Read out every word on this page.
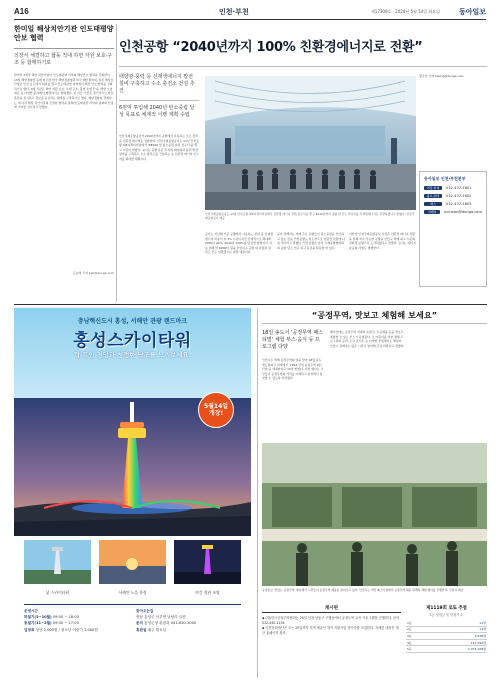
A16	인천·부천	제17309호 · 2024년 5월 14일 화요일	동아일보
한미일 해상치안기관 인도태평양 안보 협력
의장서 체결하고 협동 적대 하면 자원 보호·구조 등 함께하기로
한미일 3개국 해상 치안기관이 인도태평양 지역의 해상안보 협력을 강화한다. 13일 해양경찰청 등에 따르면 한국 해양경찰청과 미국 해안경비대, 일본 해상보안청은 인천 송도에서 회의를 열고 인도태평양 지역에서 해상 안보 협력을 강화하기로 했다. 3개 기관은 해양 자원 보호, 수색 구조, 불법 조업 단속, 해양 오염 대응 등 다양한 분야에서 협력하기로 합의했다. 또 이들 기관은 정기적으로 합동 훈련을 실시하고 정보를 공유하는 체계를 구축하기로 했다. 해양경찰청 관계자는 세 나라 해상 치안기관의 긴밀한 협력을 통해 인도태평양 지역의 평화와 안정에 기여할 것이라고 말했다.
공승배 기자 ksb@donga.com
인천공항 “2040년까지 100% 친환경에너지로 전환”

태양광·풍력 등 신재생에너지 발전 설비 구축하고 수소 충전소 건설 추진

6천억 투입해 2040년 탄소중립 달성 목표로 체계적 이행 계획 수립

인천국제공항공사는 13일 인천공항 제2여객터미널에서 친환경 에너지 전환 선포식을 열고 2040년까지 공항 내 모든 에너지를 신재생에너지로 전환하겠다고 밝혔다. 인천국제공항공사 제공
인천국제공항공사가 2040년까지 공항에서 사용하는 모든 전력을 친환경 에너지로 전환한다. 인천국제공항공사는 13일 인천공항 제2여객터미널에서 ‘RE100 및 탄소중립 비전 선포식’을 열고 이같이 밝혔다. 공사는 공항 유휴 부지에 태양광과 풍력 발전 설비를 구축하고 수소 충전소를 건설하는 등 친환경 에너지 인프라를 확대할 계획이다.
공사는 지난해 기준 공항에서 사용하는 전력 중 신재생에너지 비중이 약 3% 수준이지만 단계적으로 확대해 2030년 60%, 2040년 100%를 달성할 방침이다. 이를 위해 약 6000억 원을 투입하고 공항 내 차량과 장비도 모두 친환경으로 바꿀 예정이다.
공사 관계자는 세계 주요 공항들이 탄소중립을 선언하고 있는 만큼 인천공항도 선도적으로 친환경 전환에 나설 것이라고 말했다. 인천공항은 앞서 국제공항협의회의 공항 탄소 인증 최고 등급을 획득한 바 있다.
이학재 인천국제공항공사 사장은 친환경 에너지 전환을 통해 지속 가능한 공항을 만들고 세계 최고 수준의 친환경 공항으로 도약하겠다고 말했다. 공사는 에너지 효율화 사업도 병행한다.
황금찬 기자 hwang@donga.com
동아일보 인천·부천본부
편집·취재	032-437-1601
광고·판매	032-437-1602
팩스	032-437-1603
이메일	incheon@donga.com
충남혁신도시 홍성, 서해안 관광 랜드마크
홍성스카이타워
탁 트인 전망과 청정한 낙조를 느끼보세요.
5월14일
개장!
낮 스카이타워	서해안 노을 풍경	야간 경관 조명
운영시간
하절기(3~10월) 09:00 ~ 18:00
동절기(11~2월) 09:00 ~ 17:00
입장료 성인 2,000원 / 청소년·어린이 1,000원
찾아오는길
충남 홍성군 서부면 남당리 일원
문의 홍성군청 관광과 041-630-1000
휴관일 매주 월요일
“공정무역, 맛보고 체험해 보세요”

18일 송도서 ‘공정무역 페스티벌’ 체험 부스·음식 등 프로그램 다양

인천시는 세계 공정무역의 날을 맞아 18일 송도 센트럴파크 일대에서 ‘2024 인천 공정무역 페스티벌’을 개최한다고 13일 밝혔다. 이번 행사는 시민들이 공정무역의 가치를 이해하고 일상에서 실천할 수 있도록 마련됐다.
행사장에는 공정무역 커피와 초콜릿, 수공예품 등을 맛보고 체험할 수 있는 부스가 운영된다. 또 어린이를 위한 체험 프로그램과 공연, 토크 콘서트 등 다양한 부대행사도 열린다. 인천시 관계자는 많은 시민이 참여해 주길 바란다고 말했다.
동아일보 ‘맛있는 공정무역’ 행사에서 시민들이 공정무역 제품을 살펴보고 있다. 인천시는 이번 페스티벌에서 공정무역 제품 판매와 체험 행사를 진행한다. 인천시 제공
게시판

◆ (재)한국공정무역협회는 20일 인천 남동구 구월동에서 공정무역 교육 프로그램을 진행한다. 문의 032-440-1234

◆ 인천문화재단은 오는 25일까지 지역 예술인 창작 지원사업 참가자를 모집한다. 자세한 내용은 재단 홈페이지 참조.

제1119회 로또 추첨
1등 당첨금 및 당첨자 수
1등	11명
2등	74명
3등	2,878명
4등	141,294명
5등	2,373,108명
